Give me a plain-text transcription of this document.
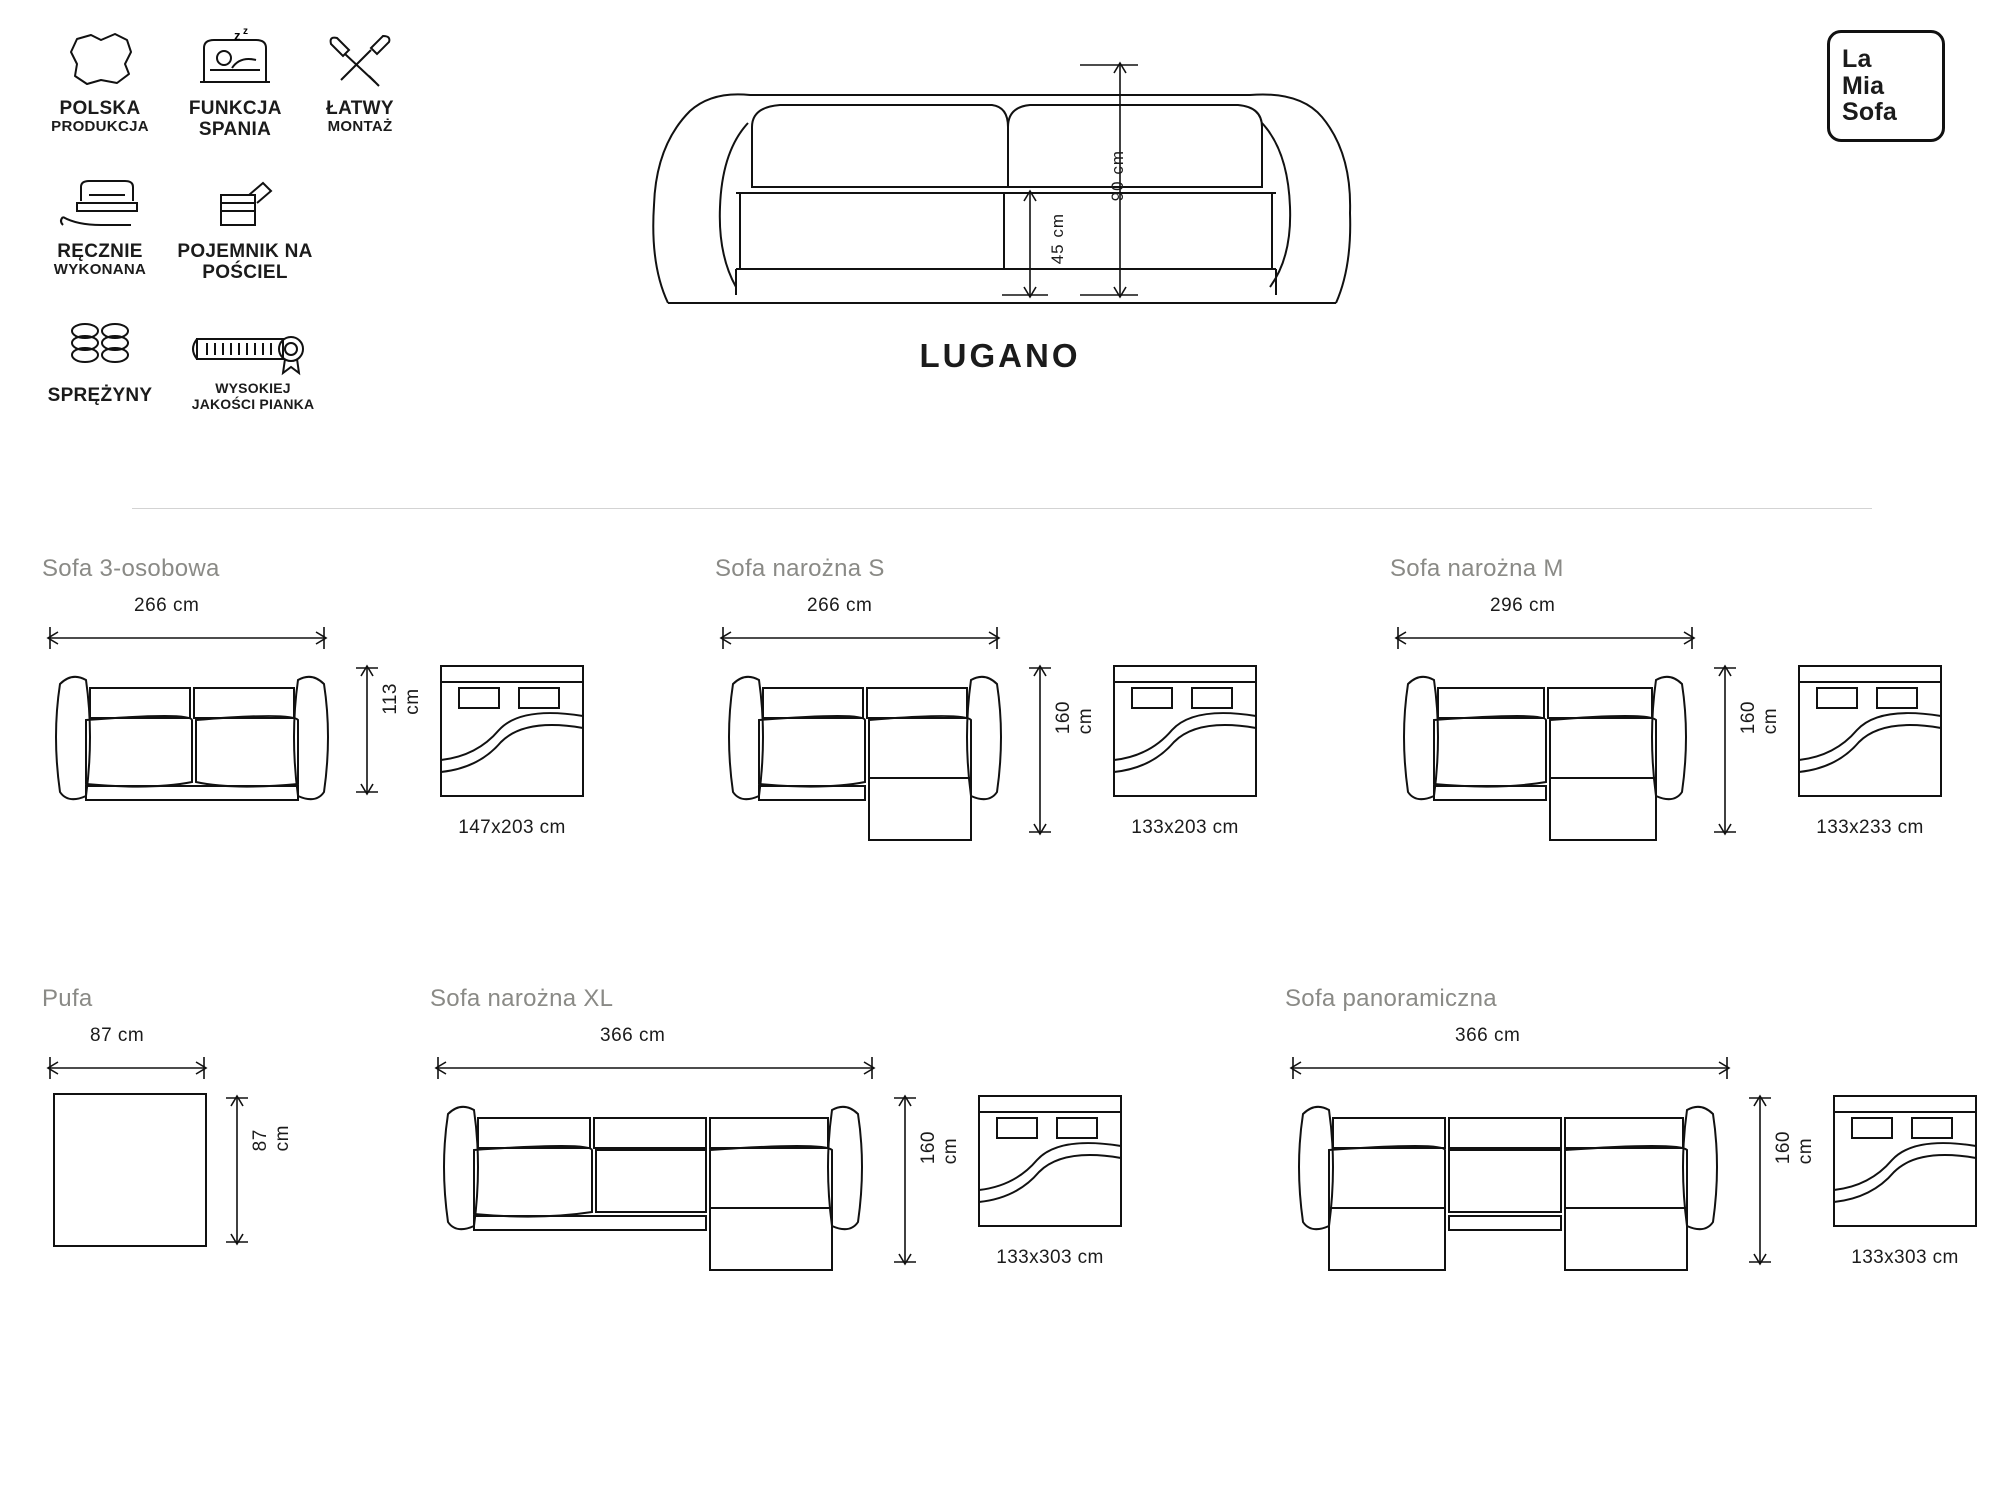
POLSKA
PRODUKCJA
z z
FUNKCJA SPANIA
ŁATWY
MONTAŻ
RĘCZNIE
WYKONANA
POJEMNIK NA POŚCIEL
SPRĘŻYNY	WYSOKIEJ
JAKOŚCI PIANKA
La
Mia
Sofa
90 cm
45 cm
LUGANO
Sofa 3-osobowa
266 cm
113 cm
147x203 cm
Sofa narożna S
266 cm
160 cm
133x203 cm
Sofa narożna M
296 cm
160 cm
133x233 cm
Pufa
87 cm
87 cm
Sofa narożna XL
366 cm
160 cm
133x303 cm
Sofa panoramiczna
366 cm
160 cm
133x303 cm
